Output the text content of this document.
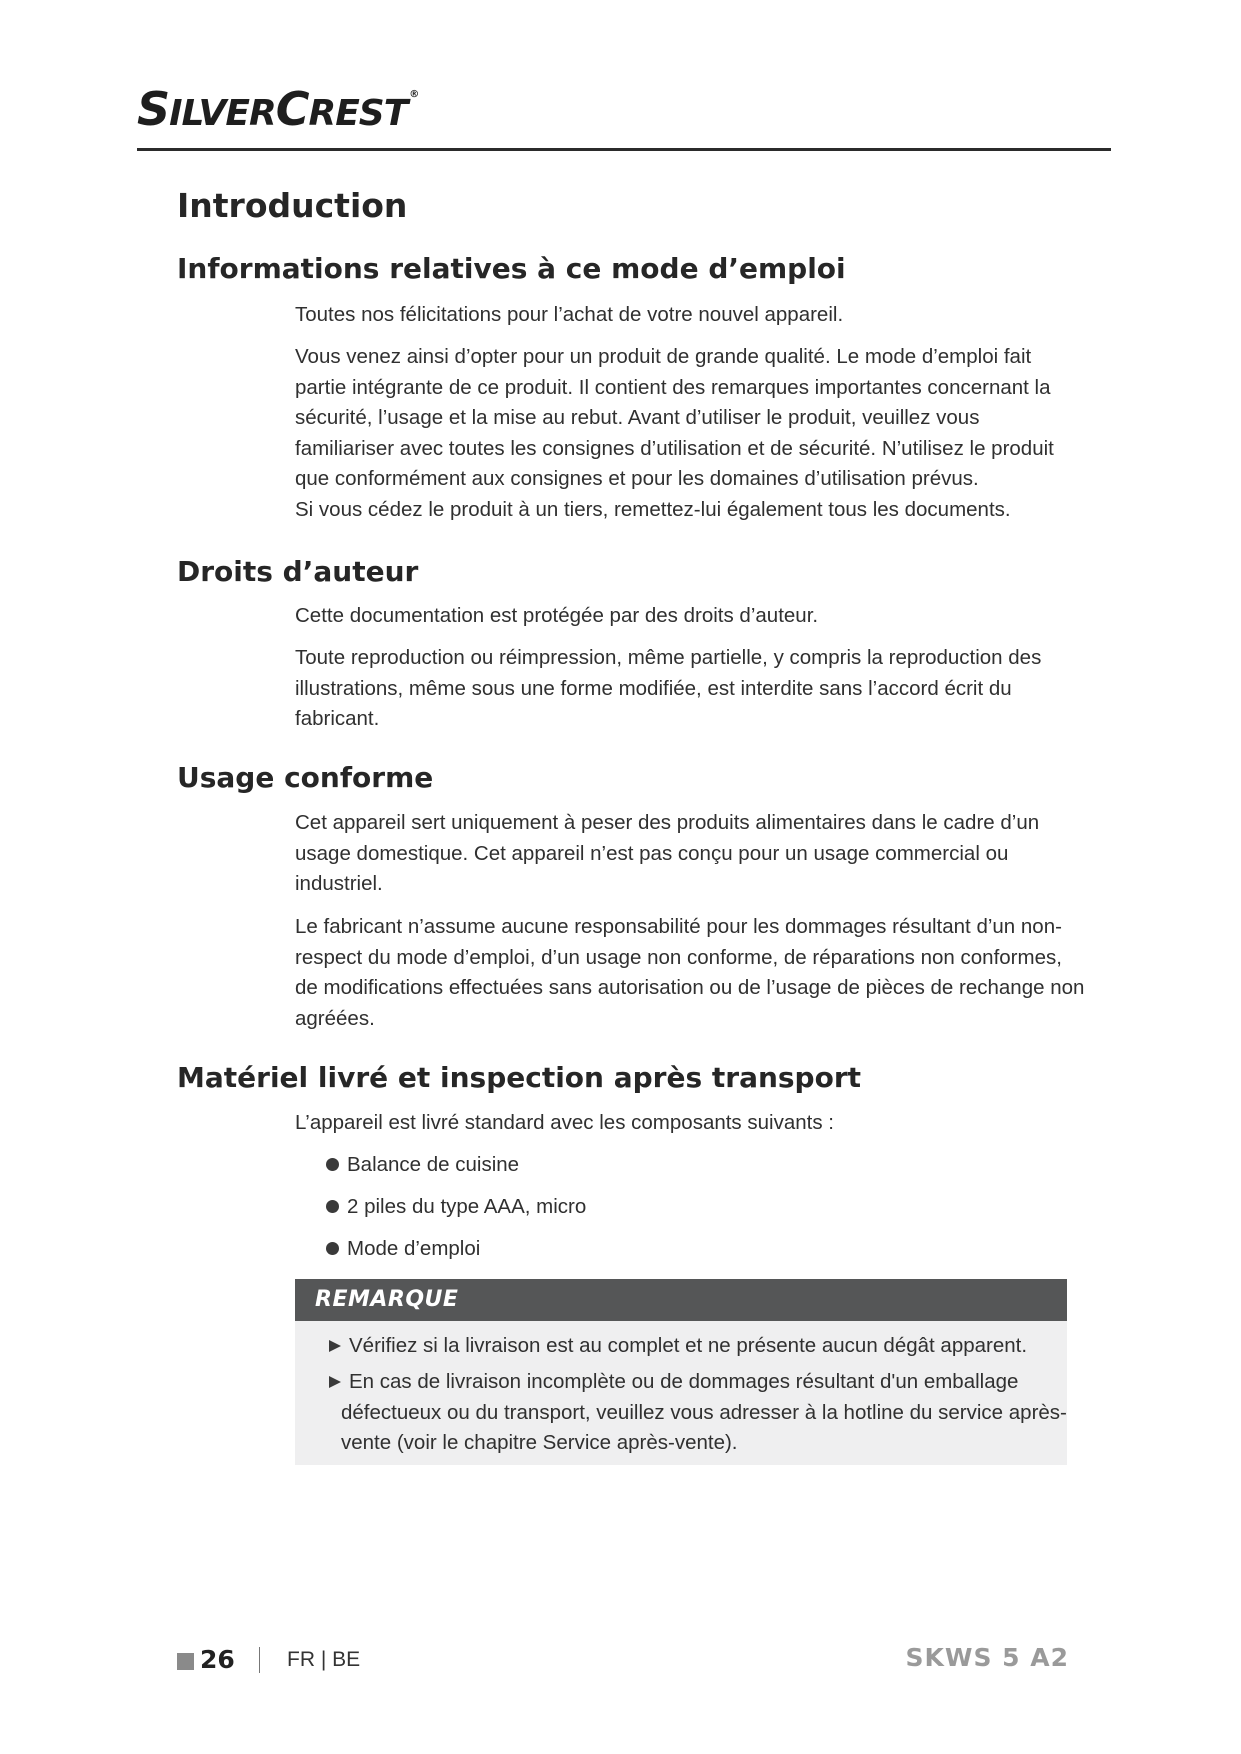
SILVERCREST ®
Introduction
Informations relatives à ce mode d’emploi
Toutes nos félicitations pour l’achat de votre nouvel appareil.
Vous venez ainsi d’opter pour un produit de grande qualité. Le mode d’emploi fait partie intégrante de ce produit. Il contient des remarques importantes concernant la sécurité, l’usage et la mise au rebut. Avant d’utiliser le produit, veuillez vous familiariser avec toutes les consignes d’utilisation et de sécurité. N’utilisez le produit que conformément aux consignes et pour les domaines d’utilisation prévus.
Si vous cédez le produit à un tiers, remettez-lui également tous les documents.
Droits d’auteur
Cette documentation est protégée par des droits d’auteur.
Toute reproduction ou réimpression, même partielle, y compris la reproduction des illustrations, même sous une forme modifiée, est interdite sans l’accord écrit du fabricant.
Usage conforme
Cet appareil sert uniquement à peser des produits alimentaires dans le cadre d’un usage domestique. Cet appareil n’est pas conçu pour un usage commercial ou industriel.
Le fabricant n’assume aucune responsabilité pour les dommages résultant d’un non-respect du mode d’emploi, d’un usage non conforme, de réparations non conformes, de modifications effectuées sans autorisation ou de l’usage de pièces de rechange non agréées.
Matériel livré et inspection après transport
L’appareil est livré standard avec les composants suivants :
Balance de cuisine
2 piles du type AAA, micro
Mode d’emploi
REMARQUE
Vérifiez si la livraison est au complet et ne présente aucun dégât apparent.
En cas de livraison incomplète ou de dommages résultant d'un emballage
défectueux ou du transport, veuillez vous adresser à la hotline du service après-vente (voir le chapitre Service après-vente).
26 FR | BE	SKWS 5 A2
